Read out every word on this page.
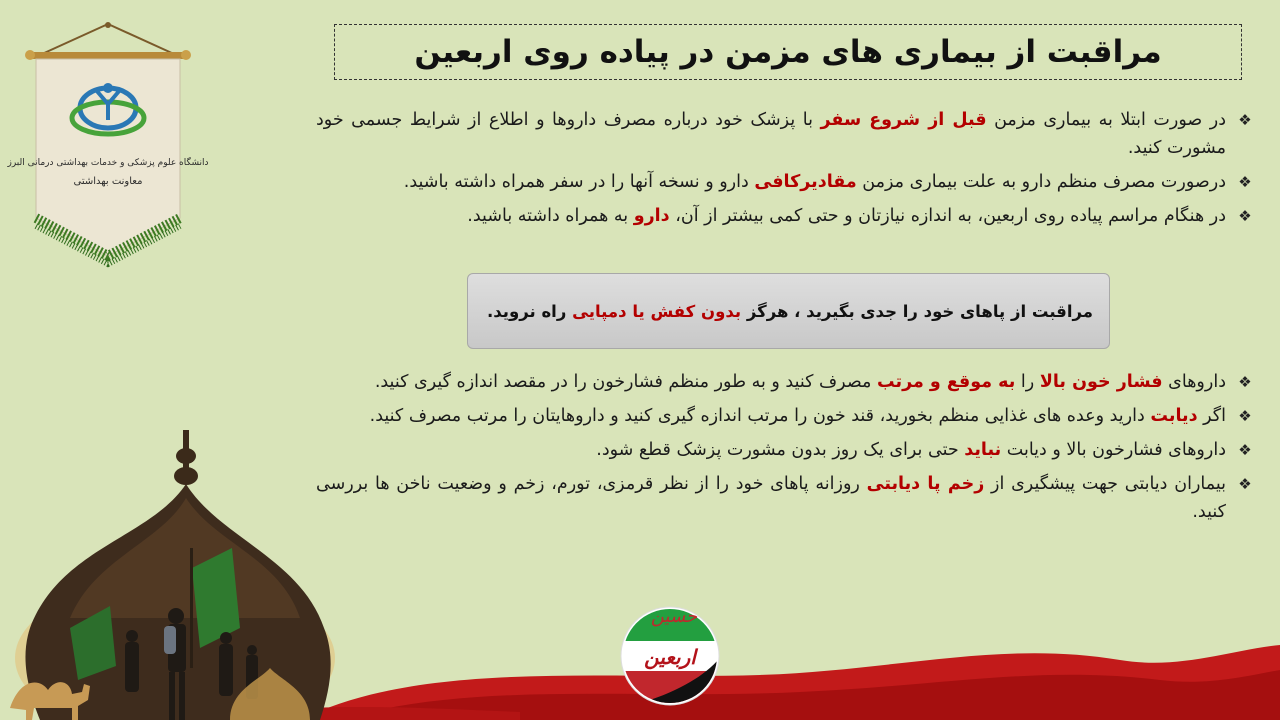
دانشگاه علوم پزشکی و خدمات بهداشتی درمانی البرز
معاونت بهداشتی
مراقبت از بیماری های مزمن در پیاده روی اربعین
❖
در صورت ابتلا به بیماری مزمن قبل از شروع سفر با پزشک خود درباره مصرف داروها و اطلاع از شرایط جسمی خود مشورت کنید.
❖
درصورت مصرف منظم دارو به علت بیماری مزمن مقادیرکافی دارو و نسخه آنها را در سفر همراه داشته باشید.
❖
در هنگام مراسم پیاده روی اربعین، به اندازه نیازتان و حتی کمی بیشتر از آن، دارو به همراه داشته باشید.
مراقبت از پاهای خود را جدی بگیرید ، هرگز بدون کفش یا دمپایی راه نروید.
❖
داروهای فشار خون بالا را به موقع و مرتب مصرف کنید و به طور منظم فشارخون را در مقصد اندازه گیری کنید.
❖
اگر دیابت دارید وعده های غذایی منظم بخورید، قند خون را مرتب اندازه گیری کنید و داروهایتان را مرتب مصرف کنید.
❖
داروهای فشارخون بالا و دیابت نباید حتی برای یک روز بدون مشورت پزشک قطع شود.
❖
بیماران دیابتی جهت پیشگیری از زخم پا دیابتی روزانه پاهای خود را از نظر قرمزی، تورم، زخم و وضعیت ناخن ها بررسی کنید.
حسین
اربعین
